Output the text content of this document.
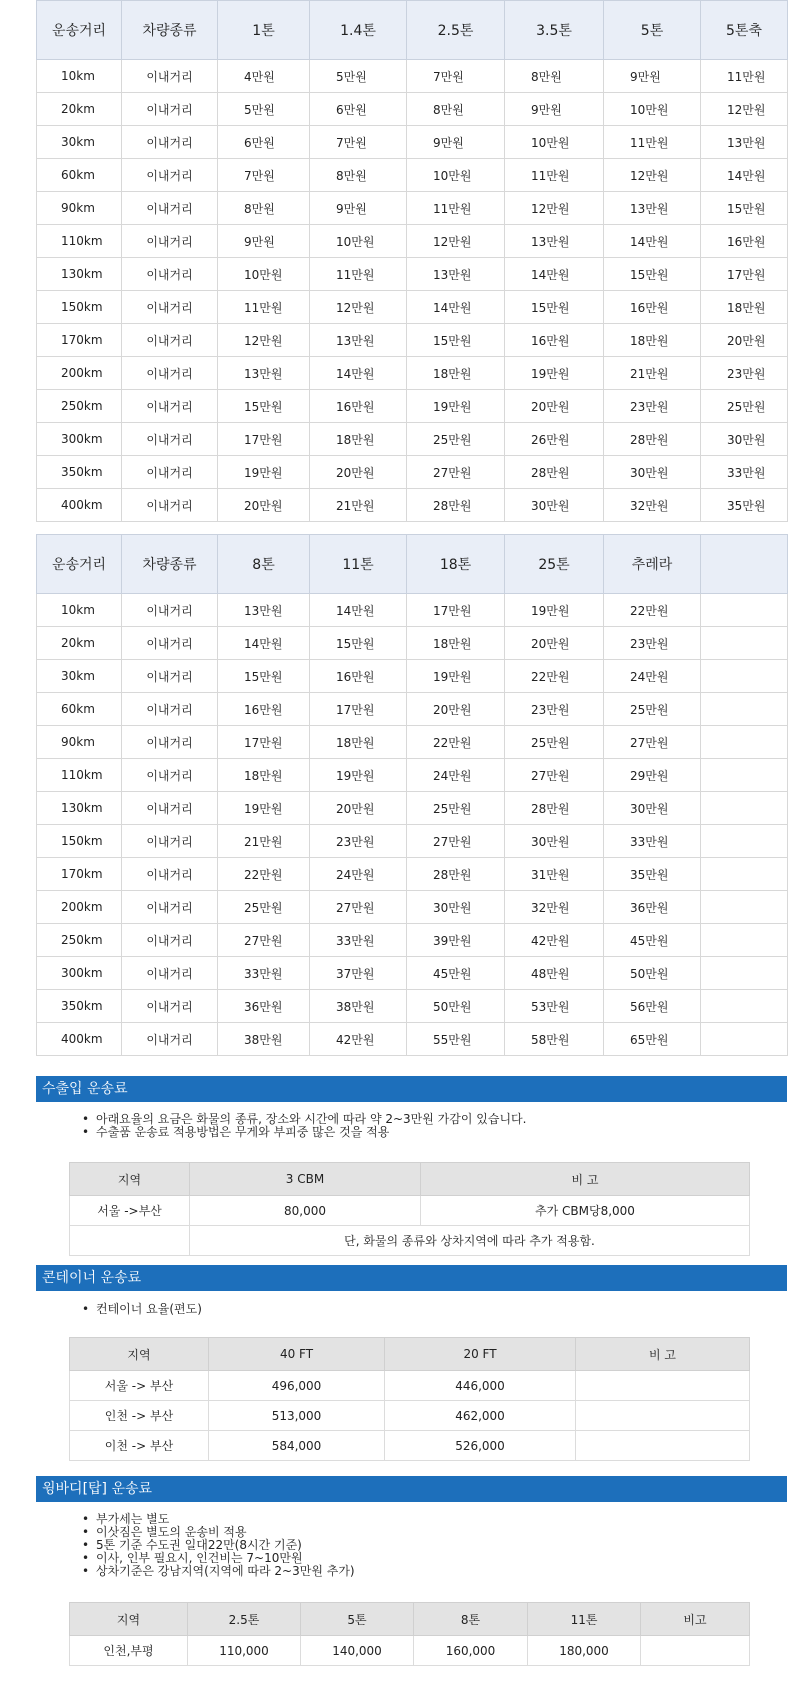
운송거리	차량종류	1톤	1.4톤	2.5톤	3.5톤	5톤	5톤축
10km	이내거리	4만원	5만원	7만원	8만원	9만원	11만원
20km	이내거리	5만원	6만원	8만원	9만원	10만원	12만원
30km	이내거리	6만원	7만원	9만원	10만원	11만원	13만원
60km	이내거리	7만원	8만원	10만원	11만원	12만원	14만원
90km	이내거리	8만원	9만원	11만원	12만원	13만원	15만원
110km	이내거리	9만원	10만원	12만원	13만원	14만원	16만원
130km	이내거리	10만원	11만원	13만원	14만원	15만원	17만원
150km	이내거리	11만원	12만원	14만원	15만원	16만원	18만원
170km	이내거리	12만원	13만원	15만원	16만원	18만원	20만원
200km	이내거리	13만원	14만원	18만원	19만원	21만원	23만원
250km	이내거리	15만원	16만원	19만원	20만원	23만원	25만원
300km	이내거리	17만원	18만원	25만원	26만원	28만원	30만원
350km	이내거리	19만원	20만원	27만원	28만원	30만원	33만원
400km	이내거리	20만원	21만원	28만원	30만원	32만원	35만원
운송거리	차량종류	8톤	11톤	18톤	25톤	추레라	
10km	이내거리	13만원	14만원	17만원	19만원	22만원	
20km	이내거리	14만원	15만원	18만원	20만원	23만원	
30km	이내거리	15만원	16만원	19만원	22만원	24만원	
60km	이내거리	16만원	17만원	20만원	23만원	25만원	
90km	이내거리	17만원	18만원	22만원	25만원	27만원	
110km	이내거리	18만원	19만원	24만원	27만원	29만원	
130km	이내거리	19만원	20만원	25만원	28만원	30만원	
150km	이내거리	21만원	23만원	27만원	30만원	33만원	
170km	이내거리	22만원	24만원	28만원	31만원	35만원	
200km	이내거리	25만원	27만원	30만원	32만원	36만원	
250km	이내거리	27만원	33만원	39만원	42만원	45만원	
300km	이내거리	33만원	37만원	45만원	48만원	50만원	
350km	이내거리	36만원	38만원	50만원	53만원	56만원	
400km	이내거리	38만원	42만원	55만원	58만원	65만원	
수출입 운송료
• 아래요율의 요금은 화물의 종류, 장소와 시간에 따라 약 2~3만원 가감이 있습니다.
• 수출품 운송료 적용방법은 무게와 부피중 많은 것을 적용
지역	3 CBM	비 고
서울 ->부산	80,000	추가 CBM당8,000
	단, 화물의 종류와 상차지역에 따라 추가 적용함.	
콘테이너 운송료
• 컨테이너 요율(편도)
지역	40 FT	20 FT	비 고
서울 -> 부산	496,000	446,000	
인천 -> 부산	513,000	462,000	
이천 -> 부산	584,000	526,000	
윙바디[탑] 운송료
• 부가세는 별도
• 이삿짐은 별도의 운송비 적용
• 5톤 기준 수도권 일대22만(8시간 기준)
• 이사, 인부 필요시, 인건비는 7~10만원
• 상차기준은 강남지역(지역에 따라 2~3만원 추가)
지역	2.5톤	5톤	8톤	11톤	비고
인천,부평	110,000	140,000	160,000	180,000	
